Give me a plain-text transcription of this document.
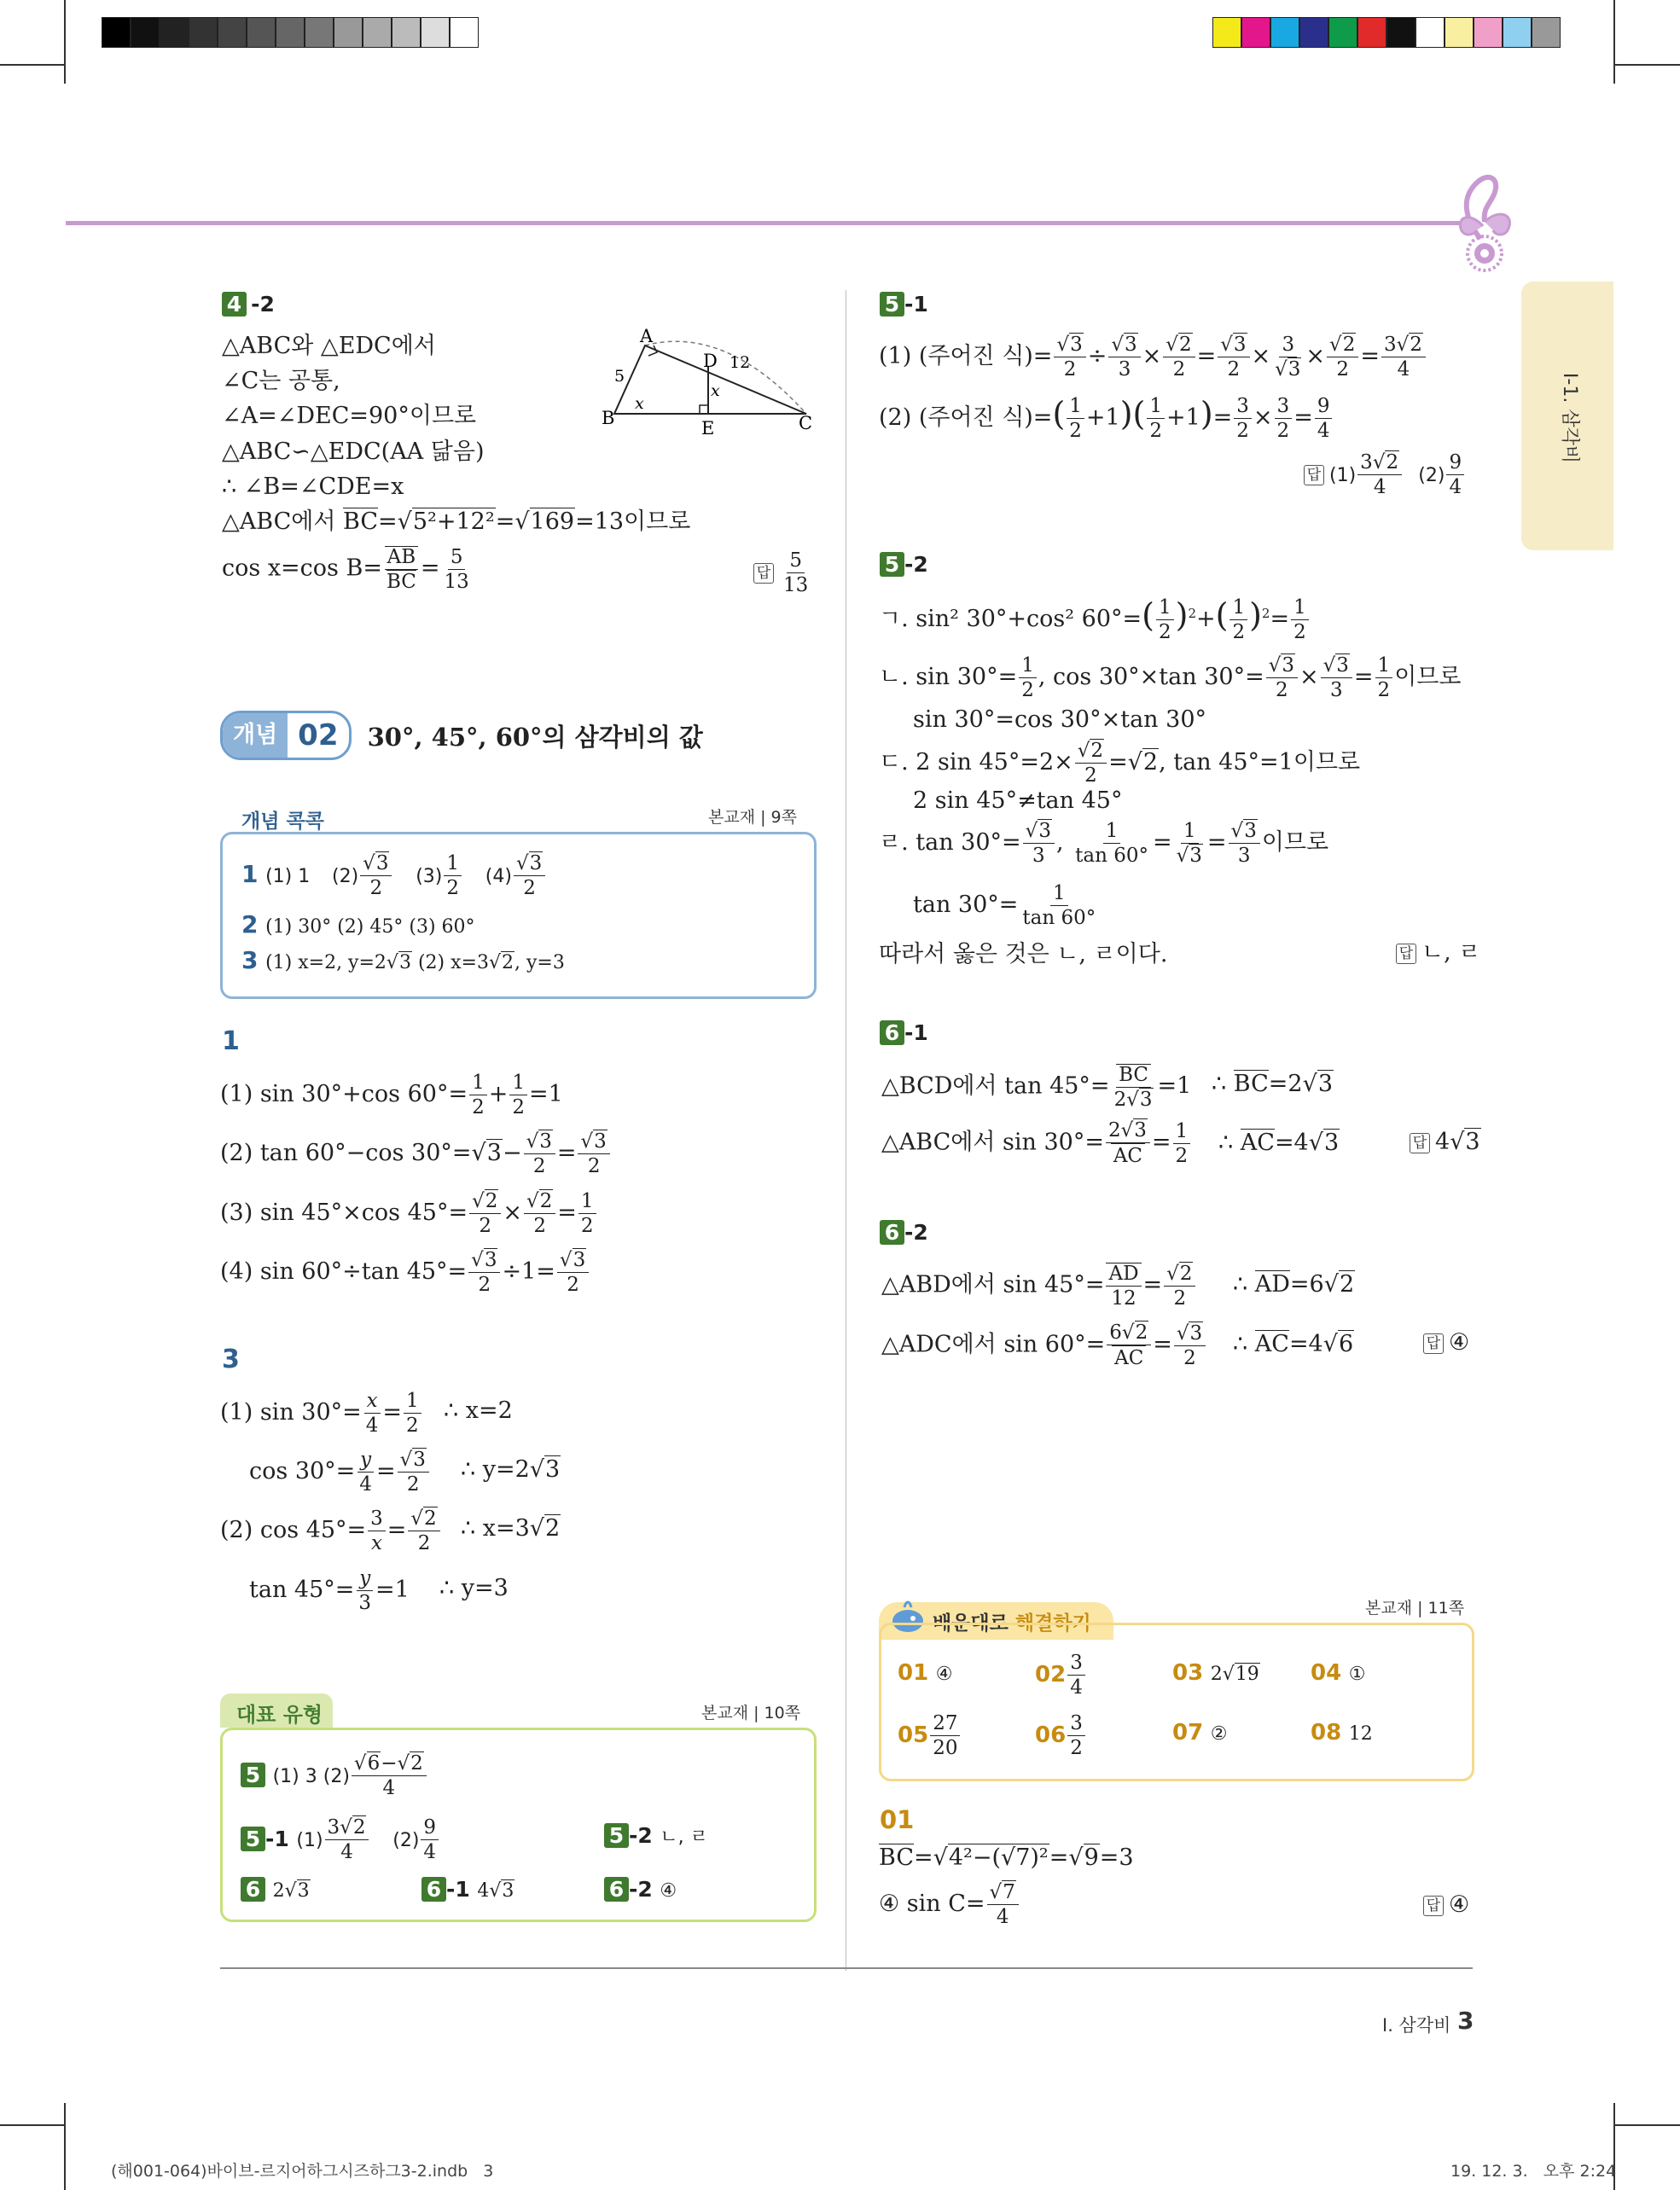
Ⅰ-1. 삼각비
4 -2
△ABC와 △EDC에서
∠C는 공통,
∠A=∠DEC=90°이므로
△ABC∽△EDC(AA 닮음)
∴ ∠B=∠CDE=x
△ABC에서 BC=√5²+12²=√169=13이므로
cos x=cos $B= \frac{AB}{BC} = \frac{5}{13}$	답 $\frac{5}{13}$
A
B	C
D
E
5
12
x
x
개념 02	30°, 45°, 60°의 삼각비의 값
개념 콕콕	본교재 | 9쪽
1 (1) 1 $(2) \frac{√3}{2} (3) \frac{1}{2} (4) \frac{√3}{2}$
2 (1) 30° (2) 45° (3) 60°
3 (1) x=2, y=2√3 (2) x=3√2, y=3
1
(1) sin 30°+cos $60^\circ= \frac{1}{2} + \frac{1}{2} =1$
(2) tan 60°−cos $30^\circ=√3- \frac{√3}{2} = \frac{√3}{2}$
(3) sin 45°×cos $45^\circ= \frac{√2}{2} \times \frac{√2}{2} = \frac{1}{2}$
(4) sin 60°÷tan $45^\circ= \frac{√3}{2} \div 1= \frac{√3}{2}$
3
(1) $\sin 30^\circ= \frac{x}{4} = \frac{1}{2}$ ∴ x=2
$\cos 30^\circ= \frac{y}{4} = \frac{√3}{2}$ ∴ y=2√3
(2) $\cos 45^\circ= \frac{3}{x} = \frac{√2}{2}$ ∴ x=3√2
$\tan 45^\circ= \frac{y}{3} =1$ ∴ y=3
대표 유형	본교재 | 10쪽
5 (1) 3 $(2) \frac{√6-√2}{4}$
5 -1 $(1) \frac{3√2}{4} (2) \frac{9}{4}$	5 -2 ㄴ, ㄹ
6 2√3	6 -1 4√3	6 -2 ④
5 -1
(1) (주어진 식)= $\frac{√3}{2} \div \frac{√3}{3} \times \frac{√2}{2} = \frac{√3}{2} \times \frac{3}{√3} \times \frac{√2}{2} = \frac{3√2}{4}$
(2) (주어진 식)=( $\frac{1}{2} +1)( \frac{1}{2} +1)= \frac{3}{2} \times \frac{3}{2} = \frac{9}{4}$
답 $(1) \frac{3√2}{4} (2) \frac{9}{4}$
5 -2
ㄱ. sin² 30°+cos² $60^\circ=( \frac{1}{2} )^2+( \frac{1}{2} )^2= \frac{1}{2}$
ㄴ. $\sin 30^\circ= \frac{1}{2}$ , cos 30°×tan $30^\circ= \frac{√3}{2} \times \frac{√3}{3} = \frac{1}{2}$ 이므로
sin 30°=cos 30°×tan 30°
ㄷ. 2 $\sin 45^\circ=2\times \frac{√2}{2} =√2$, tan 45°=1이므로
2 sin 45°≠tan 45°
ㄹ. $\tan 30^\circ= \frac{√3}{3}$ , $\frac{1}{\tan 60^\circ} = \frac{1}{√3} = \frac{√3}{3}$ 이므로
$\tan 30^\circ= \frac{1}{\tan 60^\circ}$
따라서 옳은 것은 ㄴ, ㄹ이다.	답 ㄴ, ㄹ
6 -1
△BCD에서 $\tan 45^\circ= \frac{BC}{2√3} =1$ ∴ BC=2√3
△ABC에서 $\sin 30^\circ= \frac{2√3}{AC} = \frac{1}{2}$ ∴ AC=4√3	답 4√3
6 -2
△ABD에서 $\sin 45^\circ= \frac{AD}{12} = \frac{√2}{2}$ ∴ AD=6√2
△ADC에서 $\sin 60^\circ= \frac{6√2}{AC} = \frac{√3}{2}$ ∴ AC=4√6	답 ④
배운대로 해결하기
본교재 | 11쪽
01 ④	$02 \frac{3}{4}$	03 2√19 04 ①
$05 \frac{27}{20}$	$06 \frac{3}{2}$	07 ②	08 12
01
BC=√4²−(√7)²=√9=3
④ $\sin C= \frac{√7}{4}$	답 ④
Ⅰ. 삼각비 3
(해001-064)바이브-르지어하그시즈하그3-2.indb   3	19. 12. 3.   오후 2:24
